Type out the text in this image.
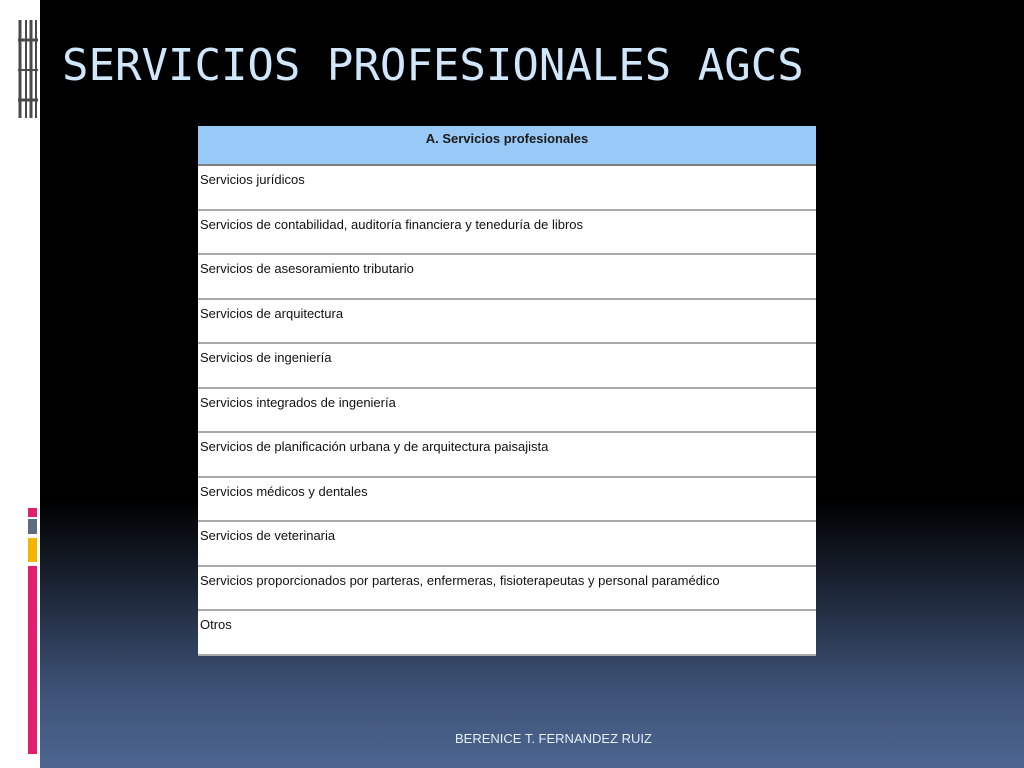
SERVICIOS PROFESIONALES AGCS
A. Servicios profesionales
Servicios jurídicos
Servicios de contabilidad, auditoría financiera y teneduría de libros
Servicios de asesoramiento tributario
Servicios de arquitectura
Servicios de ingeniería
Servicios integrados de ingeniería
Servicios de planificación urbana y de arquitectura paisajista
Servicios médicos y dentales
Servicios de veterinaria
Servicios proporcionados por parteras, enfermeras, fisioterapeutas y personal paramédico
Otros
BERENICE T. FERNANDEZ RUIZ
